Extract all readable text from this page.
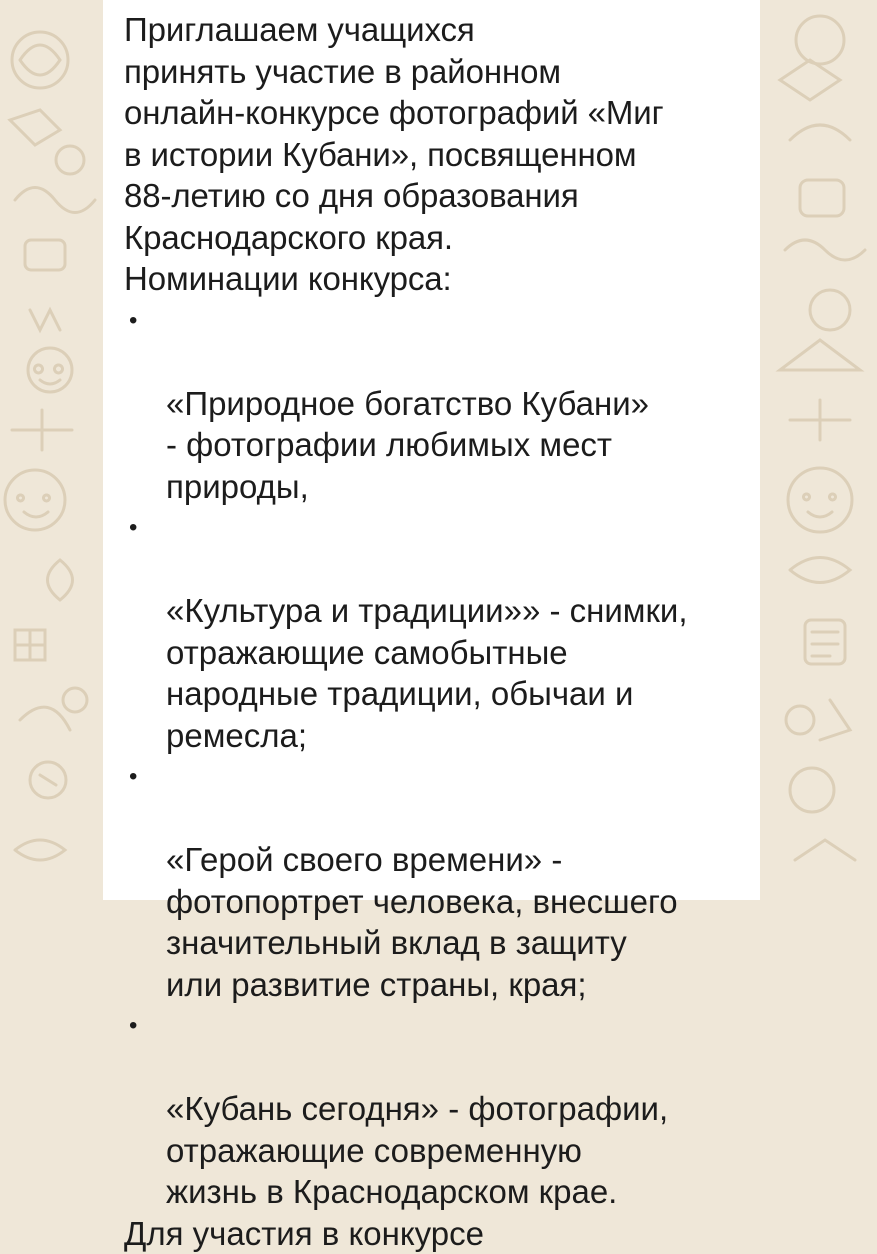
Приглашаем учащихся
принять участие в районном
онлайн-конкурсе фотографий «Миг
в истории Кубани», посвященном
88-летию со дня образования
Краснодарского края.
Номинации конкурса:

•

«Природное богатство Кубани»
- фотографии любимых мест
природы,

•

«Культура и традиции»» - снимки,
отражающие самобытные
народные традиции, обычаи и
ремесла;

•

«Герой своего времени» -
фотопортрет человека, внесшего
значительный вклад в защиту
или развитие страны, края;

•

«Кубань сегодня» - фотографии,
отражающие современную
жизнь в Краснодарском крае.

Для участия в конкурсе
